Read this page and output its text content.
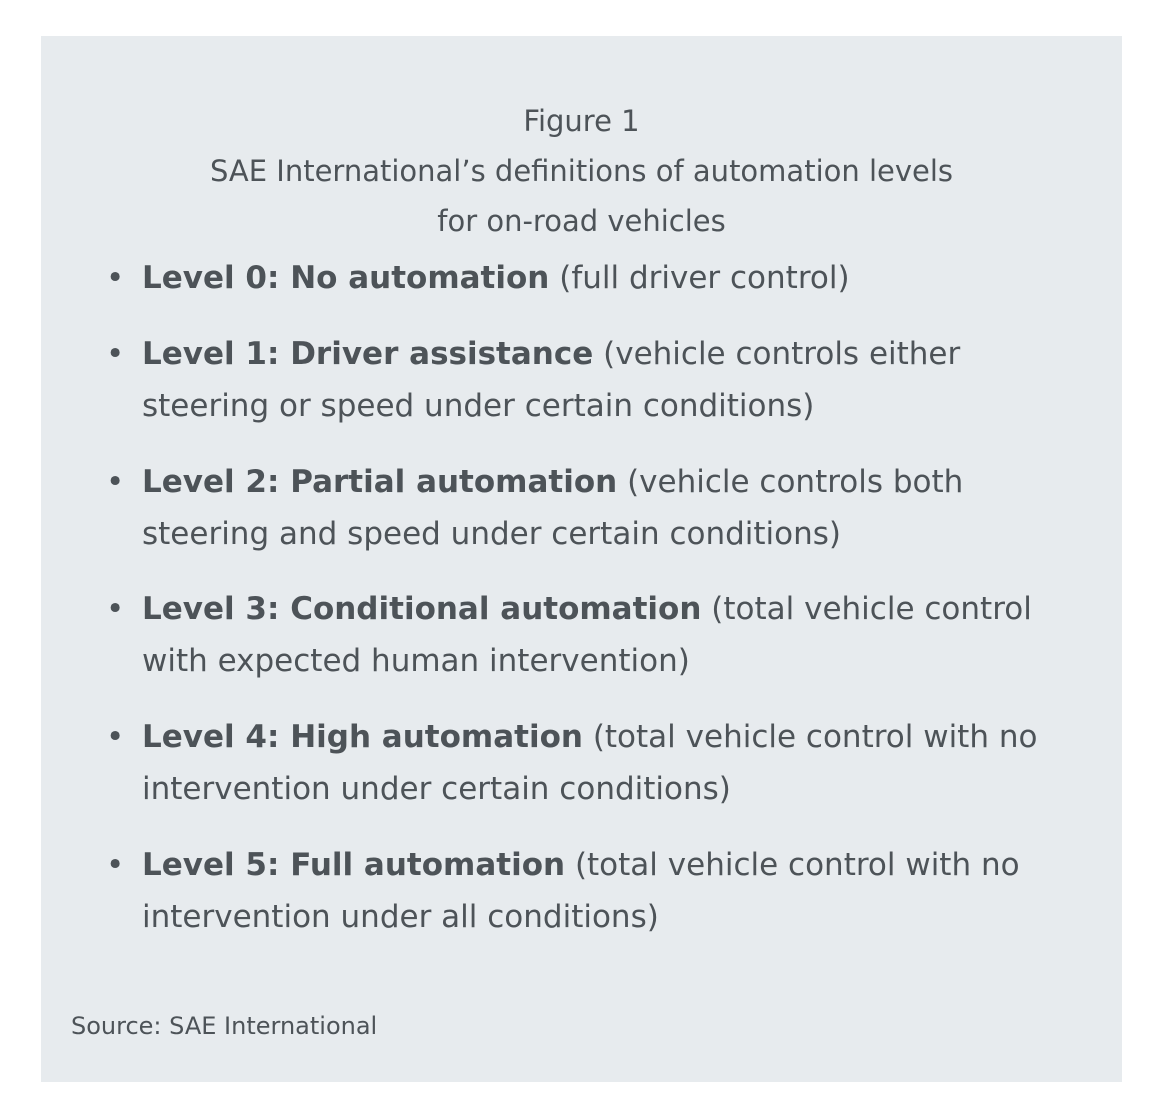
Figure 1
SAE International’s definitions of automation levels
for on-road vehicles
• Level 0: No automation (full driver control)
• Level 1: Driver assistance (vehicle controls either steering or speed under certain conditions)
• Level 2: Partial automation (vehicle controls both steering and speed under certain conditions)
• Level 3: Conditional automation (total vehicle control with expected human intervention)
• Level 4: High automation (total vehicle control with no intervention under certain conditions)
• Level 5: Full automation (total vehicle control with no intervention under all conditions)
Source: SAE International
